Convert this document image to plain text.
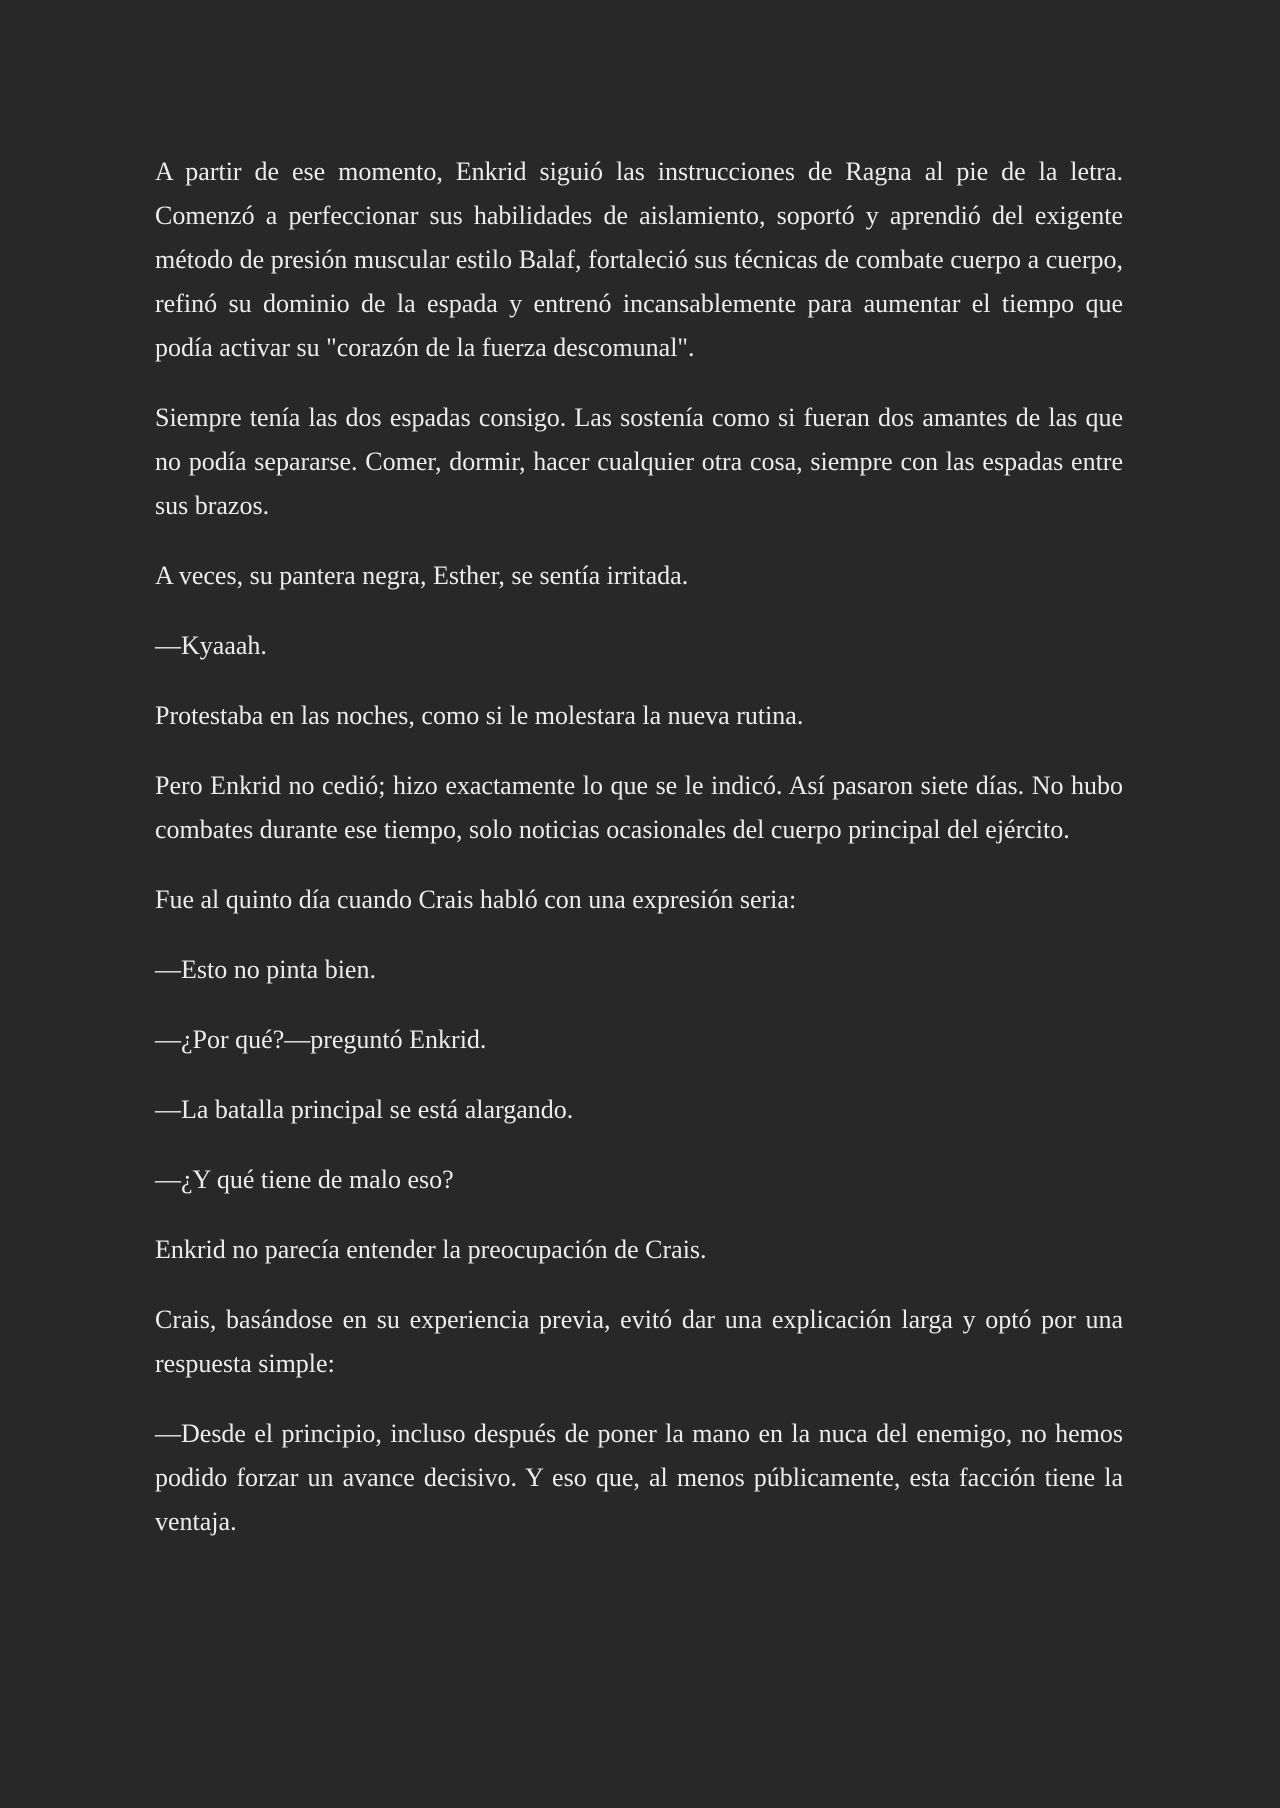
A partir de ese momento, Enkrid siguió las instrucciones de Ragna al pie de la letra. Comenzó a perfeccionar sus habilidades de aislamiento, soportó y aprendió del exigente método de presión muscular estilo Balaf, fortaleció sus técnicas de combate cuerpo a cuerpo, refinó su dominio de la espada y entrenó incansablemente para aumentar el tiempo que podía activar su "corazón de la fuerza descomunal".

Siempre tenía las dos espadas consigo. Las sostenía como si fueran dos amantes de las que no podía separarse. Comer, dormir, hacer cualquier otra cosa, siempre con las espadas entre sus brazos.

A veces, su pantera negra, Esther, se sentía irritada.

—Kyaaah.

Protestaba en las noches, como si le molestara la nueva rutina.

Pero Enkrid no cedió; hizo exactamente lo que se le indicó. Así pasaron siete días. No hubo combates durante ese tiempo, solo noticias ocasionales del cuerpo principal del ejército.

Fue al quinto día cuando Crais habló con una expresión seria:

—Esto no pinta bien.

—¿Por qué?—preguntó Enkrid.

—La batalla principal se está alargando.

—¿Y qué tiene de malo eso?

Enkrid no parecía entender la preocupación de Crais.

Crais, basándose en su experiencia previa, evitó dar una explicación larga y optó por una respuesta simple:

—Desde el principio, incluso después de poner la mano en la nuca del enemigo, no hemos podido forzar un avance decisivo. Y eso que, al menos públicamente, esta facción tiene la ventaja.
